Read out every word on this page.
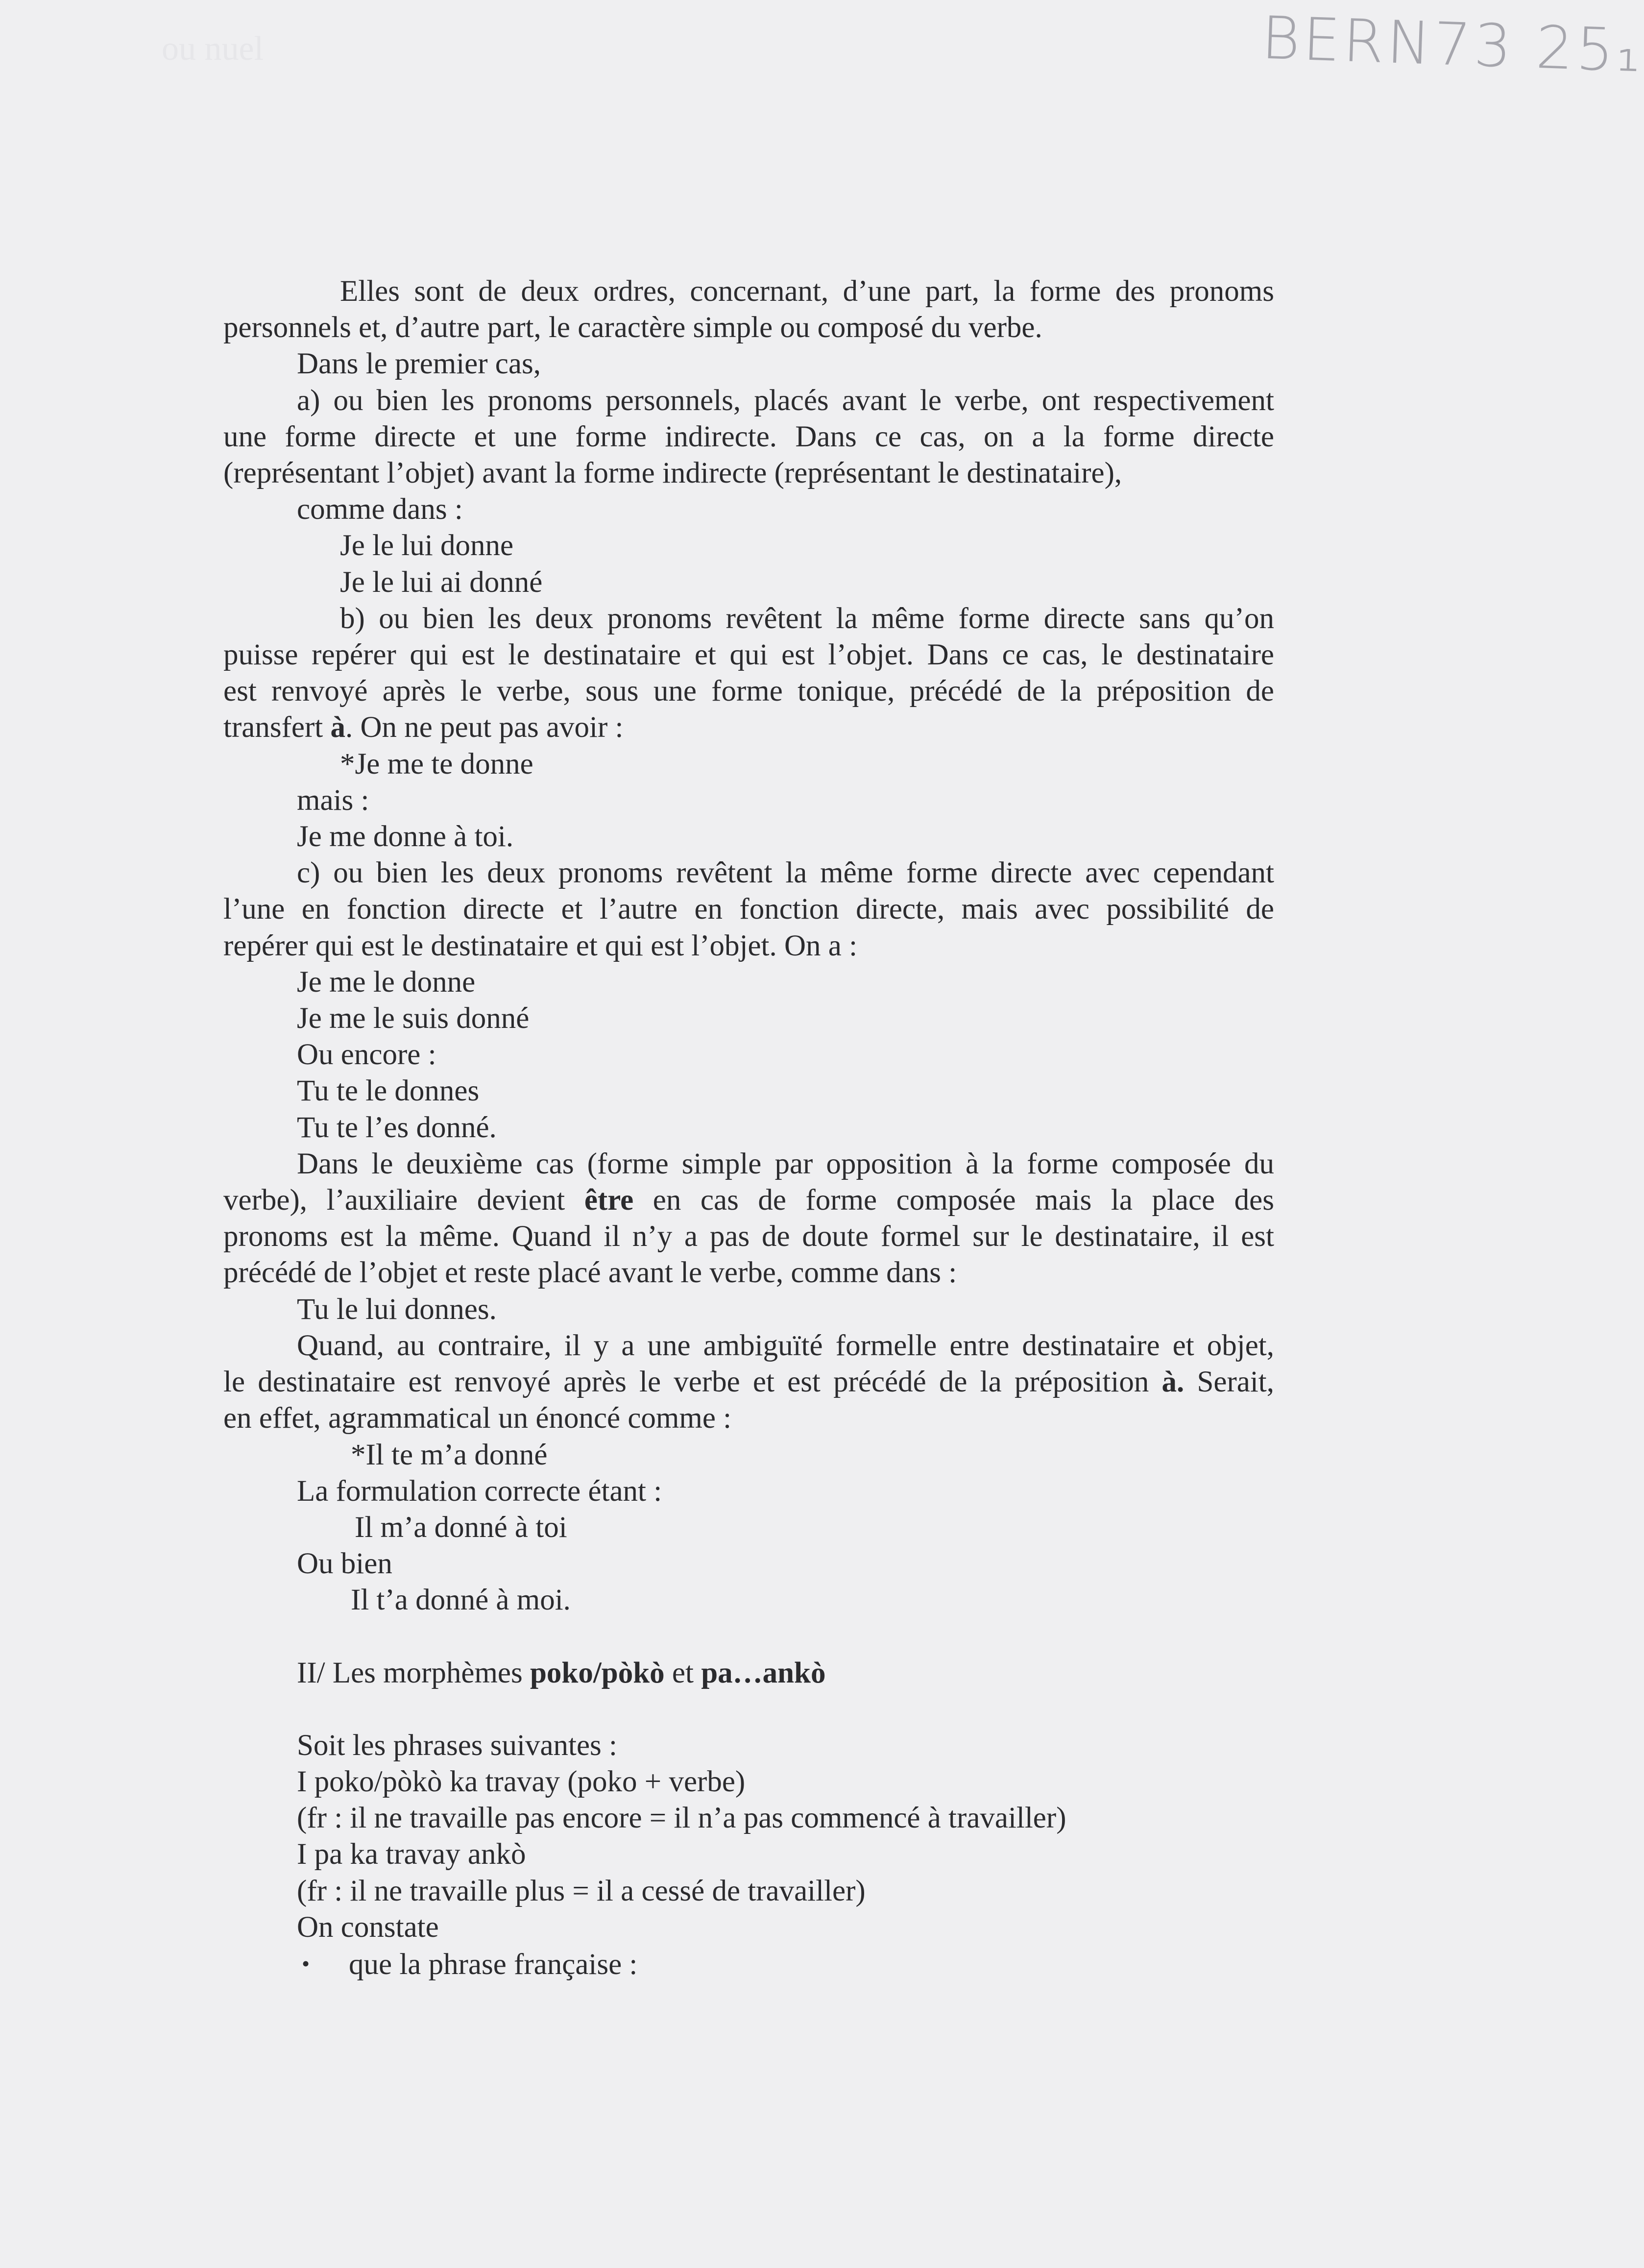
ou nuel	BERN73 25₁

Elles sont de deux ordres, concernant, d’une part, la forme des pronoms

personnels et, d’autre part, le caractère simple ou composé du verbe.

Dans le premier cas,

a) ou bien les pronoms personnels, placés avant le verbe, ont respectivement

une forme directe et une forme indirecte. Dans ce cas, on a la forme directe

(représentant l’objet) avant la forme indirecte (représentant le destinataire),

comme dans :

Je le lui donne

Je le lui ai donné

b) ou bien les deux pronoms revêtent la même forme directe sans qu’on

puisse repérer qui est le destinataire et qui est l’objet. Dans ce cas, le destinataire

est renvoyé après le verbe, sous une forme tonique, précédé de la préposition de

transfert à. On ne peut pas avoir :

*Je me te donne

mais :

Je me donne à toi.

c) ou bien les deux pronoms revêtent la même forme directe avec cependant

l’une en fonction directe et l’autre en fonction directe, mais avec possibilité de

repérer qui est le destinataire et qui est l’objet. On a :

Je me le donne

Je me le suis donné

Ou encore :

Tu te le donnes

Tu te l’es donné.

Dans le deuxième cas (forme simple par opposition à la forme composée du

verbe), l’auxiliaire devient être en cas de forme composée mais la place des

pronoms est la même. Quand il n’y a pas de doute formel sur le destinataire, il est

précédé de l’objet et reste placé avant le verbe, comme dans :

Tu le lui donnes.

Quand, au contraire, il y a une ambiguïté formelle entre destinataire et objet,

le destinataire est renvoyé après le verbe et est précédé de la préposition à. Serait,

en effet, agrammatical un énoncé comme :

*Il te m’a donné

La formulation correcte étant :

Il m’a donné à toi

Ou bien

Il t’a donné à moi.

II/ Les morphèmes poko/pòkò et pa…ankò

Soit les phrases suivantes :

I poko/pòkò ka travay (poko + verbe)

(fr : il ne travaille pas encore = il n’a pas commencé à travailler)

I pa ka travay ankò

(fr : il ne travaille plus = il a cessé de travailler)

On constate

• que la phrase française :
